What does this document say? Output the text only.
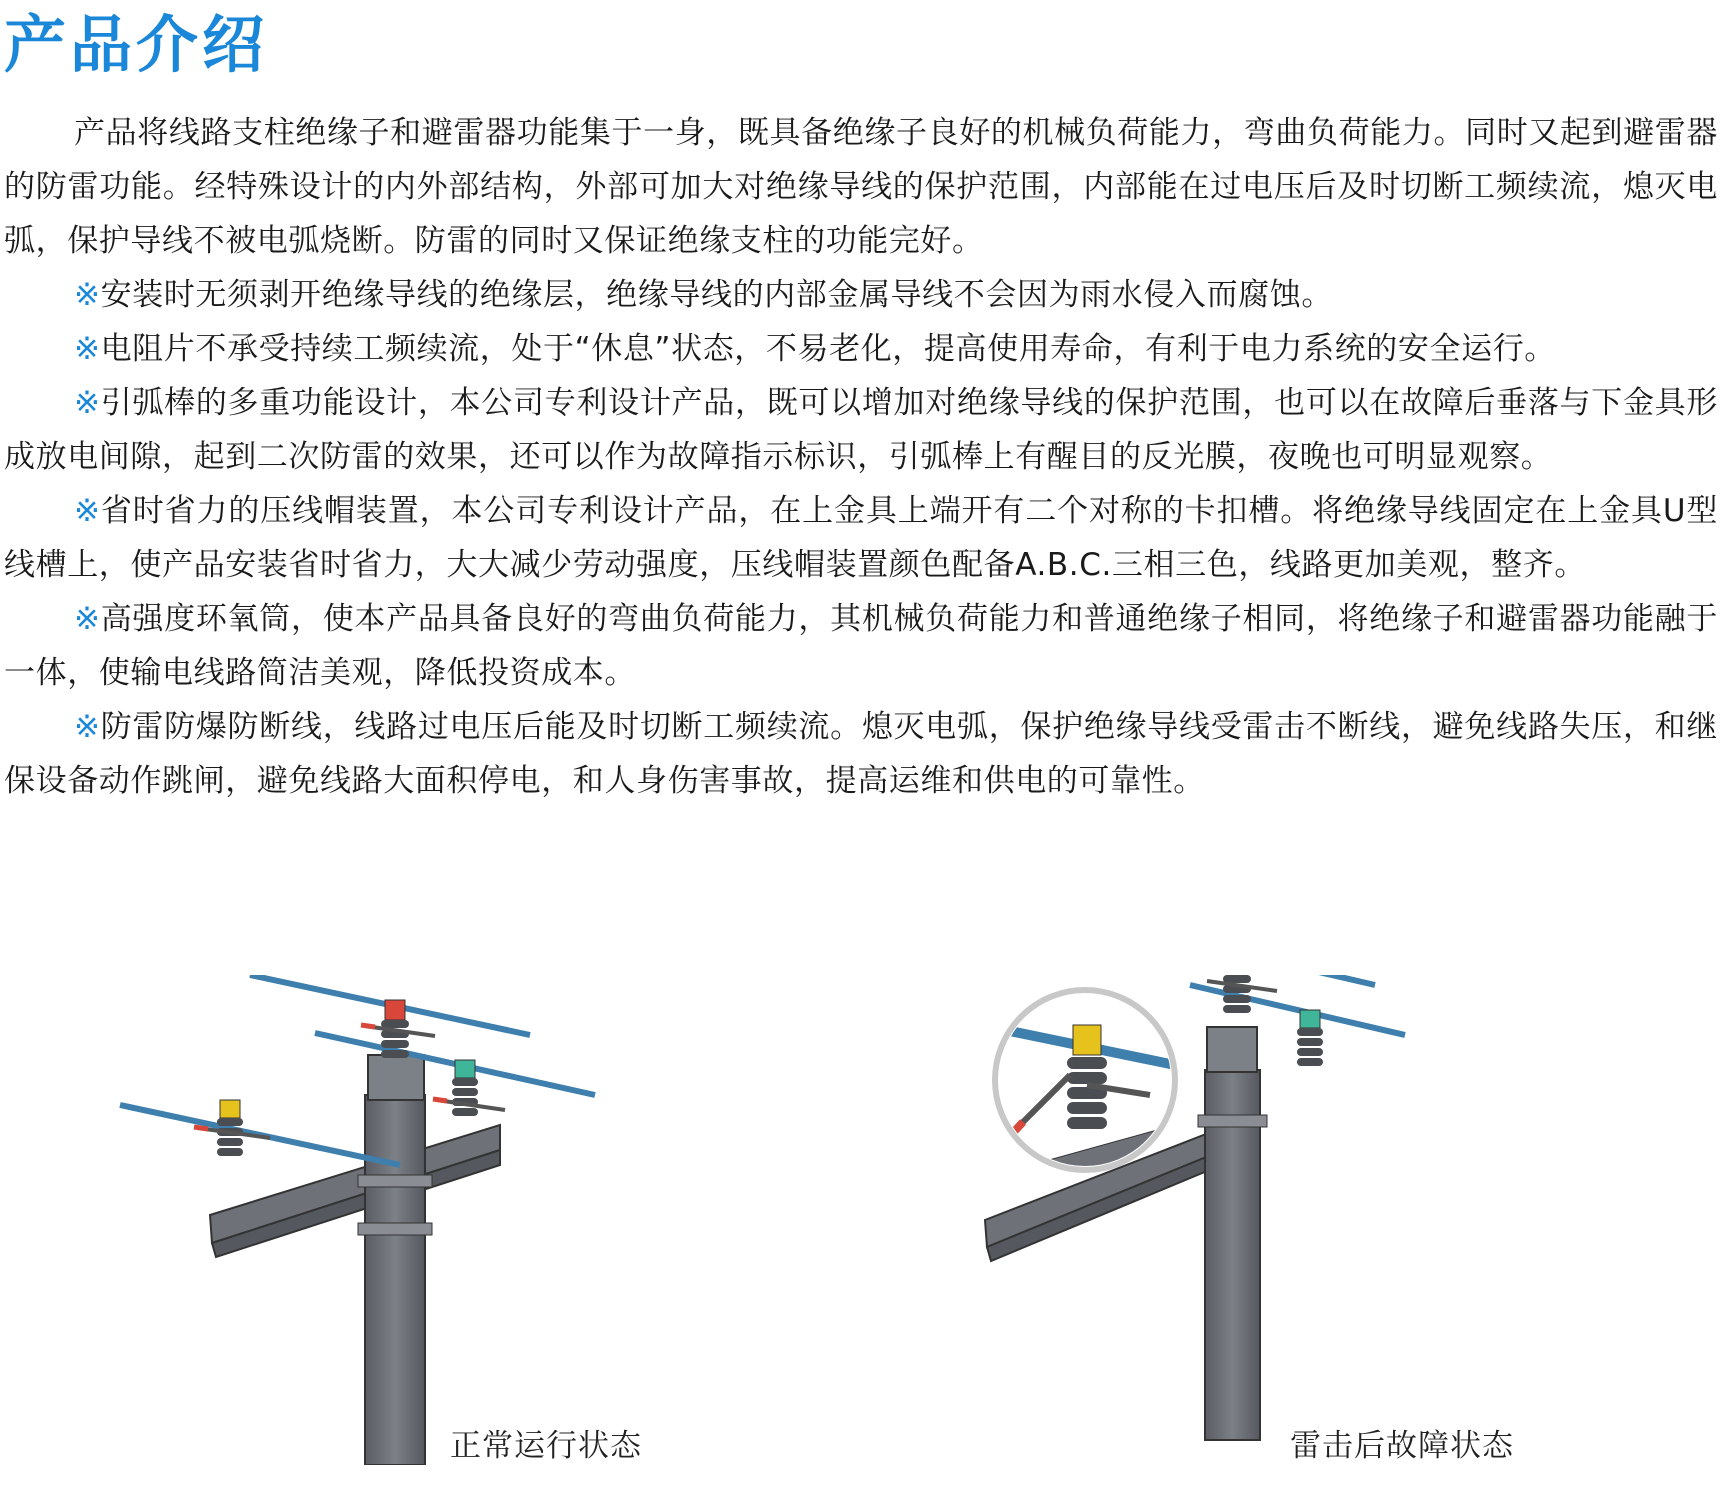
产品介绍

产品将线路支柱绝缘子和避雷器功能集于一身，既具备绝缘子良好的机械负荷能力，弯曲负荷能力。同时又起到避雷器的防雷功能。经特殊设计的内外部结构，外部可加大对绝缘导线的保护范围，内部能在过电压后及时切断工频续流，熄灭电弧，保护导线不被电弧烧断。防雷的同时又保证绝缘支柱的功能完好。

※安装时无须剥开绝缘导线的绝缘层，绝缘导线的内部金属导线不会因为雨水侵入而腐蚀。

※电阻片不承受持续工频续流，处于“休息”状态，不易老化，提高使用寿命，有利于电力系统的安全运行。

※引弧棒的多重功能设计，本公司专利设计产品，既可以增加对绝缘导线的保护范围，也可以在故障后垂落与下金具形成放电间隙，起到二次防雷的效果，还可以作为故障指示标识，引弧棒上有醒目的反光膜，夜晚也可明显观察。

※省时省力的压线帽装置，本公司专利设计产品，在上金具上端开有二个对称的卡扣槽。将绝缘导线固定在上金具U型线槽上，使产品安装省时省力，大大减少劳动强度，压线帽装置颜色配备A.B.C.三相三色，线路更加美观，整齐。

※高强度环氧筒，使本产品具备良好的弯曲负荷能力，其机械负荷能力和普通绝缘子相同，将绝缘子和避雷器功能融于一体，使输电线路简洁美观，降低投资成本。

※防雷防爆防断线，线路过电压后能及时切断工频续流。熄灭电弧，保护绝缘导线受雷击不断线，避免线路失压，和继保设备动作跳闸，避免线路大面积停电，和人身伤害事故，提高运维和供电的可靠性。

正常运行状态	雷击后故障状态
